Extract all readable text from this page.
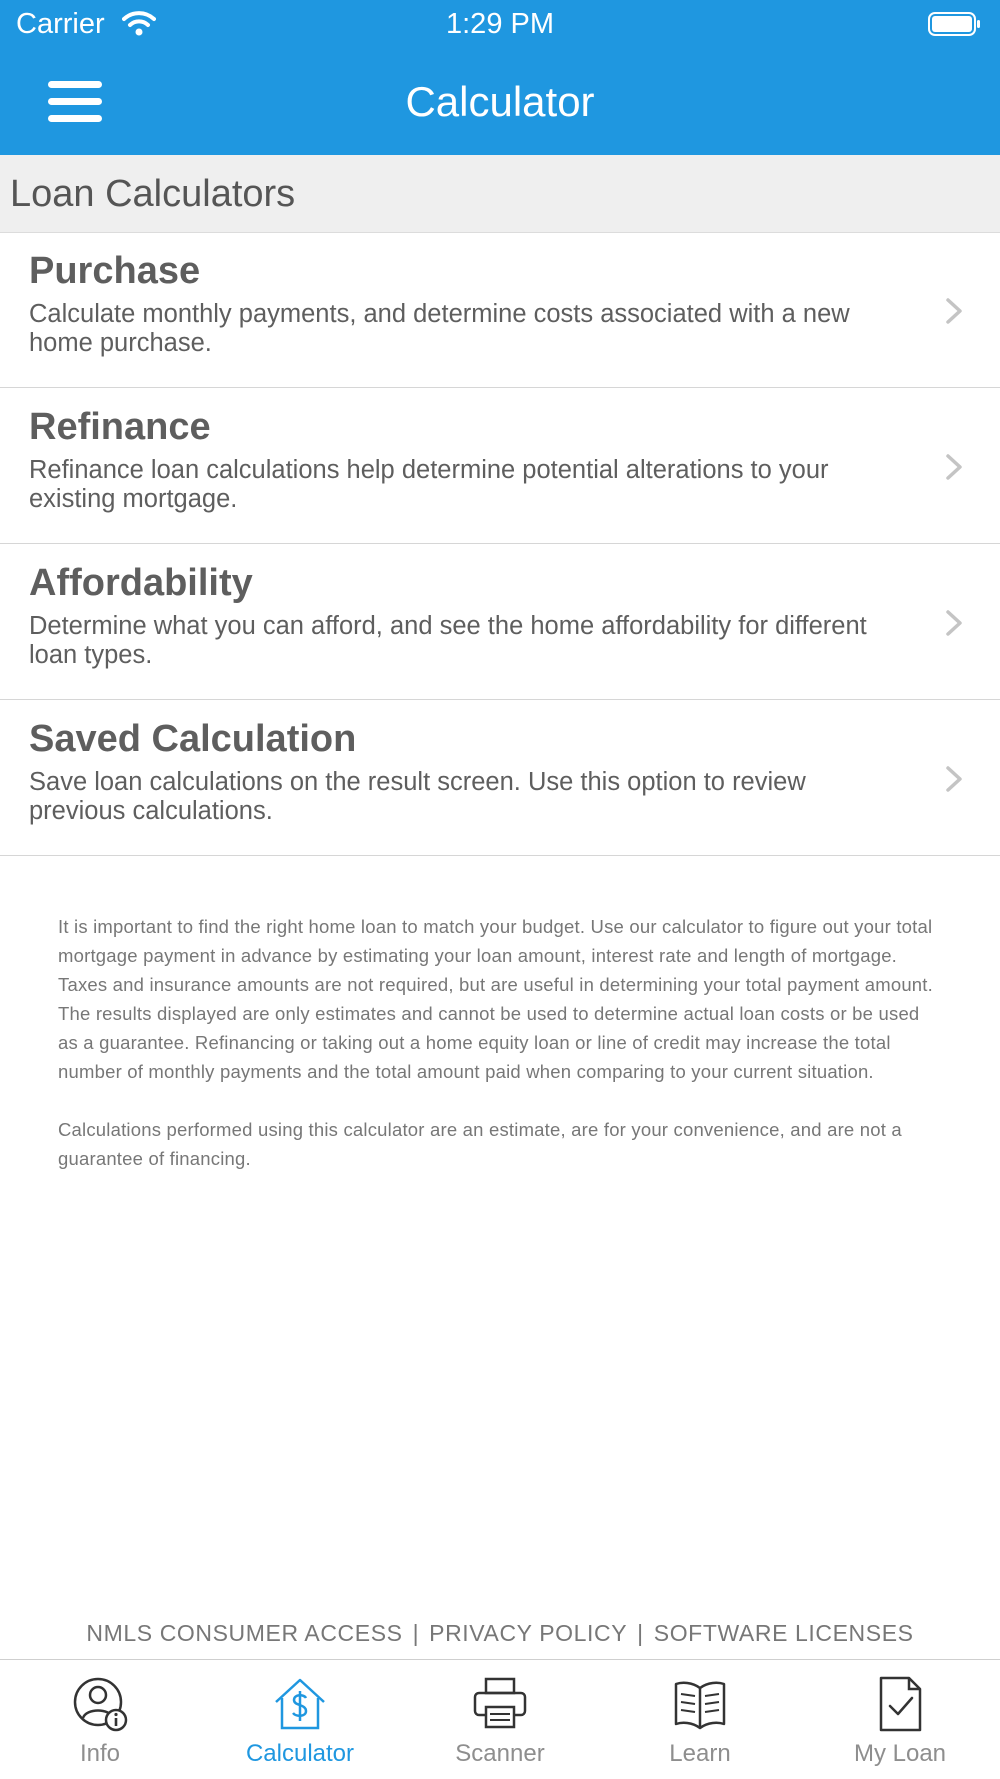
Carrier	1:29 PM
Calculator
Loan Calculators
Purchase
Calculate monthly payments, and determine costs associated with a new home purchase.
Refinance
Refinance loan calculations help determine potential alterations to your existing mortgage.
Affordability
Determine what you can afford, and see the home affordability for different loan types.
Saved Calculation
Save loan calculations on the result screen. Use this option to review previous calculations.

It is important to find the right home loan to match your budget. Use our calculator to figure out your total mortgage payment in advance by estimating your loan amount, interest rate and length of mortgage. Taxes and insurance amounts are not required, but are useful in determining your total payment amount. The results displayed are only estimates and cannot be used to determine actual loan costs or be used as a guarantee. Refinancing or taking out a home equity loan or line of credit may increase the total number of monthly payments and the total amount paid when comparing to your current situation.

Calculations performed using this calculator are an estimate, are for your convenience, and are not a guarantee of financing.

NMLS CONSUMER ACCESS | PRIVACY POLICY | SOFTWARE LICENSES
Info	Calculator	Scanner	Learn	My Loan
